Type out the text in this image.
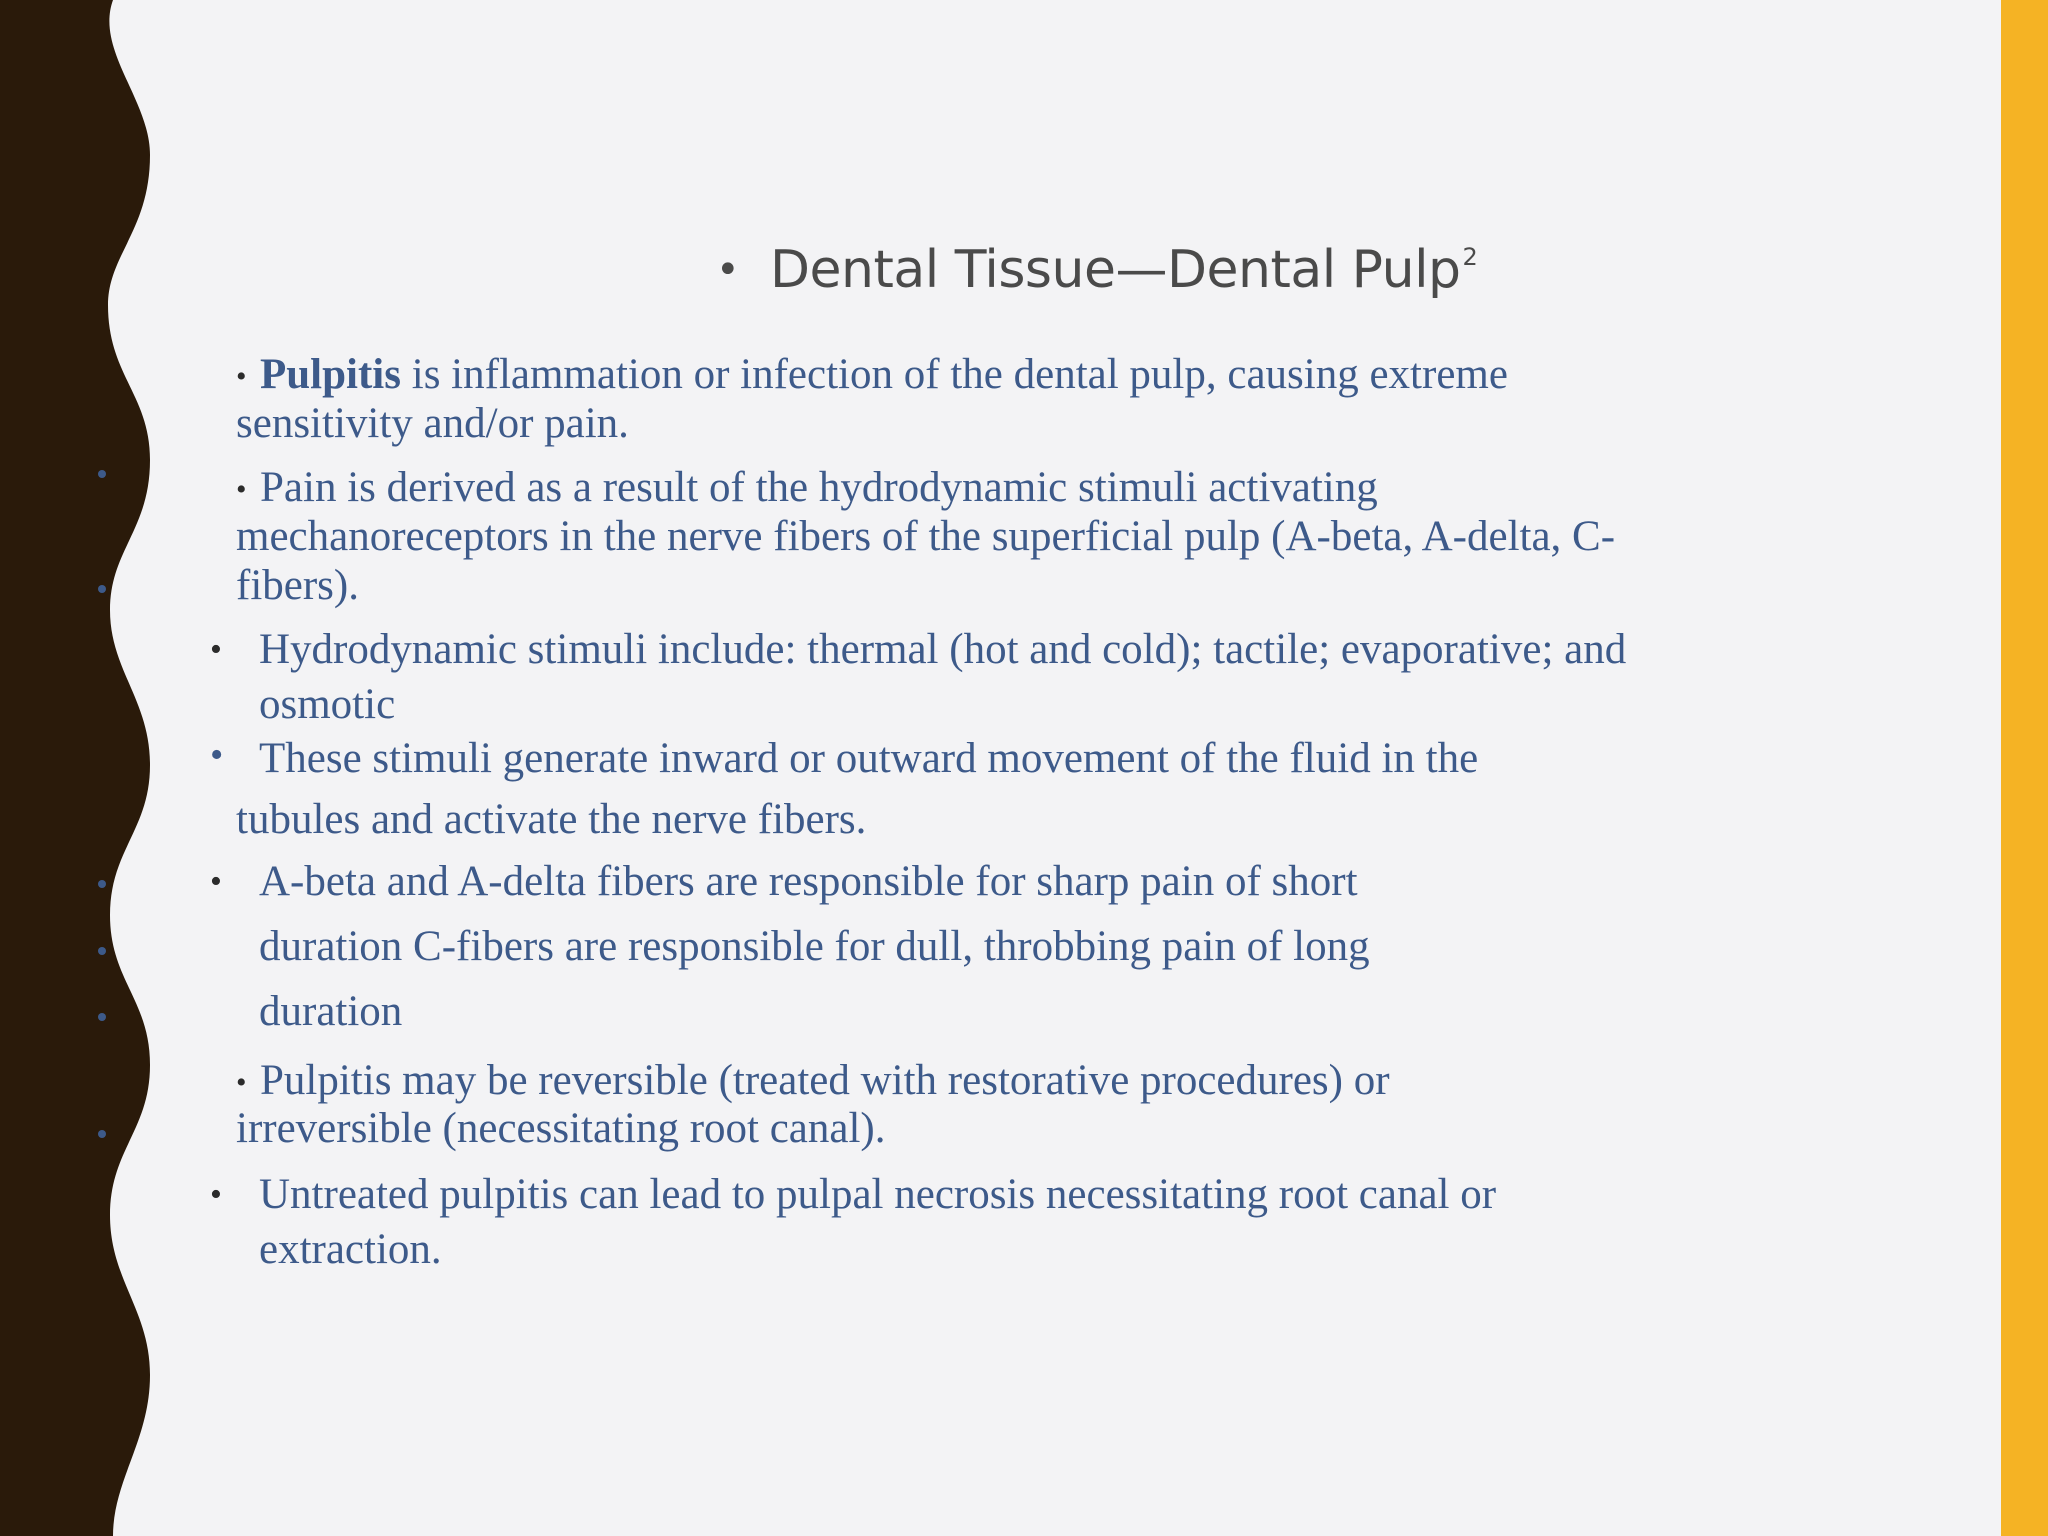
• Dental Tissue—Dental Pulp$^2$
• Pulpitis is inflammation or infection of the dental pulp, causing extreme
sensitivity and/or pain.
• Pain is derived as a result of the hydrodynamic stimuli activating
mechanoreceptors in the nerve fibers of the superficial pulp (A-beta, A-delta, C-
fibers).
• Hydrodynamic stimuli include: thermal (hot and cold); tactile; evaporative; and
osmotic
• These stimuli generate inward or outward movement of the fluid in the
tubules and activate the nerve fibers.
• A-beta and A-delta fibers are responsible for sharp pain of short
duration C-fibers are responsible for dull, throbbing pain of long
duration
• Pulpitis may be reversible (treated with restorative procedures) or
irreversible (necessitating root canal).
• Untreated pulpitis can lead to pulpal necrosis necessitating root canal or
extraction.
